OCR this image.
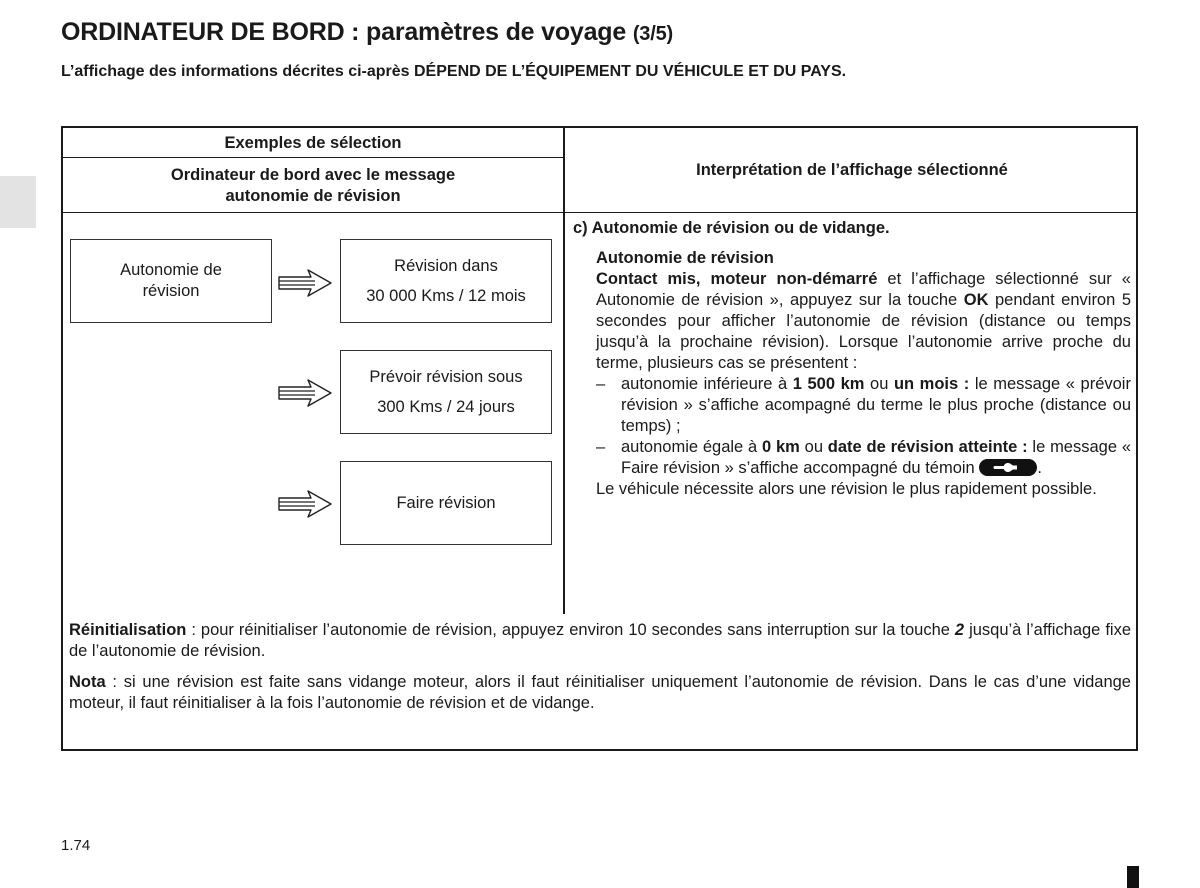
ORDINATEUR DE BORD : paramètres de voyage (3/5)

L’affichage des informations décrites ci-après DÉPEND DE L’ÉQUIPEMENT DU VÉHICULE ET DU PAYS.

Exemples de sélection
Ordinateur de bord avec le message
autonomie de révision
Interprétation de l’affichage sélectionné
Autonomie de
révision
Révision dans
30 000 Kms / 12 mois
Prévoir révision sous
300 Kms / 24 jours
Faire révision

c) Autonomie de révision ou de vidange.

Autonomie de révision

Contact mis, moteur non-démarré et l’affichage sélectionné sur « Autonomie de révision », appuyez sur la touche OK pendant environ 5 secondes pour afficher l’autonomie de révision (distance ou temps jusqu’à la prochaine révision). Lorsque l’autonomie arrive proche du terme, plusieurs cas se présentent :

– autonomie inférieure à 1 500 km ou un mois : le message « prévoir révision » s’affiche acompagné du terme le plus proche (distance ou temps) ;
– autonomie égale à 0 km ou date de révision atteinte : le message « Faire révision » s’affiche accompagné du témoin	.

Le véhicule nécessite alors une révision le plus rapidement possible.

Réinitialisation : pour réinitialiser l’autonomie de révision, appuyez environ 10 secondes sans interruption sur la touche 2 jusqu’à l’affichage fixe de l’autonomie de révision.

Nota : si une révision est faite sans vidange moteur, alors il faut réinitialiser uniquement l’autonomie de révision. Dans le cas d’une vidange moteur, il faut réinitialiser à la fois l’autonomie de révision et de vidange.

1.74
